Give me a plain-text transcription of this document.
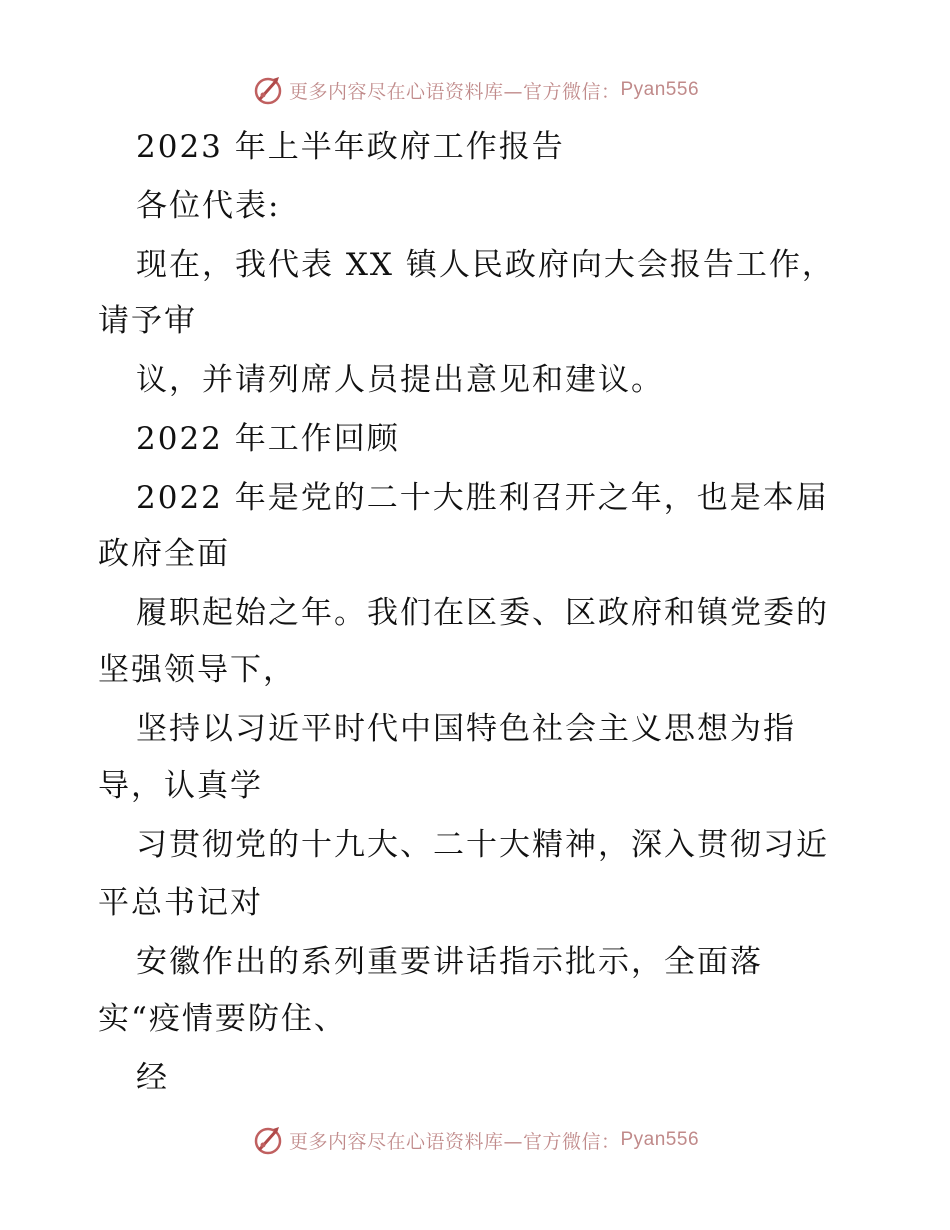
更多内容尽在心语资料库—官方微信： Pyan556
2023 年上半年政府工作报告
各位代表:
现在，我代表 XX 镇人民政府向大会报告工作，
请予审
议，并请列席人员提出意见和建议。
2022 年工作回顾
2022 年是党的二十大胜利召开之年，也是本届
政府全面
履职起始之年。我们在区委、区政府和镇党委的
坚强领导下，
坚持以习近平时代中国特色社会主义思想为指
导，认真学
习贯彻党的十九大、二十大精神，深入贯彻习近
平总书记对
安徽作出的系列重要讲话指示批示，全面落
实“疫情要防住、
经
更多内容尽在心语资料库—官方微信： Pyan556
